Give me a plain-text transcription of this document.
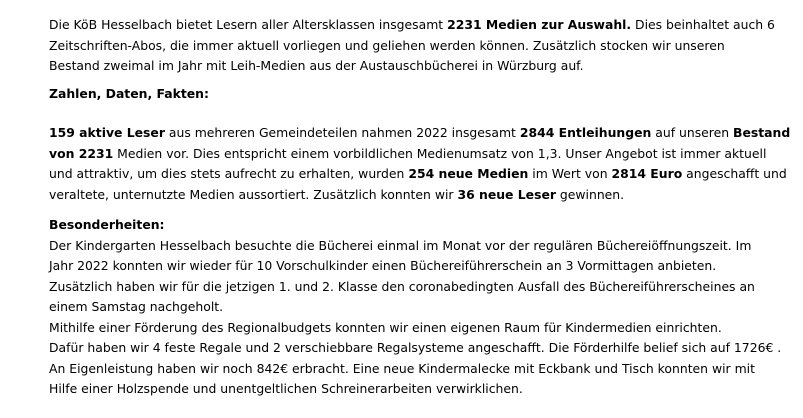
Die KöB Hesselbach bietet Lesern aller Altersklassen insgesamt 2231 Medien zur Auswahl. Dies beinhaltet auch 6
Zeitschriften-Abos, die immer aktuell vorliegen und geliehen werden können. Zusätzlich stocken wir unseren
Bestand zweimal im Jahr mit Leih-Medien aus der Austauschbücherei in Würzburg auf.
Zahlen, Daten, Fakten:
159 aktive Leser aus mehreren Gemeindeteilen nahmen 2022 insgesamt 2844 Entleihungen auf unseren Bestand
von 2231 Medien vor. Dies entspricht einem vorbildlichen Medienumsatz von 1,3. Unser Angebot ist immer aktuell
und attraktiv, um dies stets aufrecht zu erhalten, wurden 254 neue Medien im Wert von 2814 Euro angeschafft und
veraltete, unternutzte Medien aussortiert. Zusätzlich konnten wir 36 neue Leser gewinnen.
Besonderheiten:
Der Kindergarten Hesselbach besuchte die Bücherei einmal im Monat vor der regulären Büchereiöffnungszeit. Im
Jahr 2022 konnten wir wieder für 10 Vorschulkinder einen Büchereiführerschein an 3 Vormittagen anbieten.
Zusätzlich haben wir für die jetzigen 1. und 2. Klasse den coronabedingten Ausfall des Büchereiführerscheines an
einem Samstag nachgeholt.
Mithilfe einer Förderung des Regionalbudgets konnten wir einen eigenen Raum für Kindermedien einrichten.
Dafür haben wir 4 feste Regale und 2 verschiebbare Regalsysteme angeschafft. Die Förderhilfe belief sich auf 1726€ .
An Eigenleistung haben wir noch 842€ erbracht. Eine neue Kindermalecke mit Eckbank und Tisch konnten wir mit
Hilfe einer Holzspende und unentgeltlichen Schreinerarbeiten verwirklichen.
